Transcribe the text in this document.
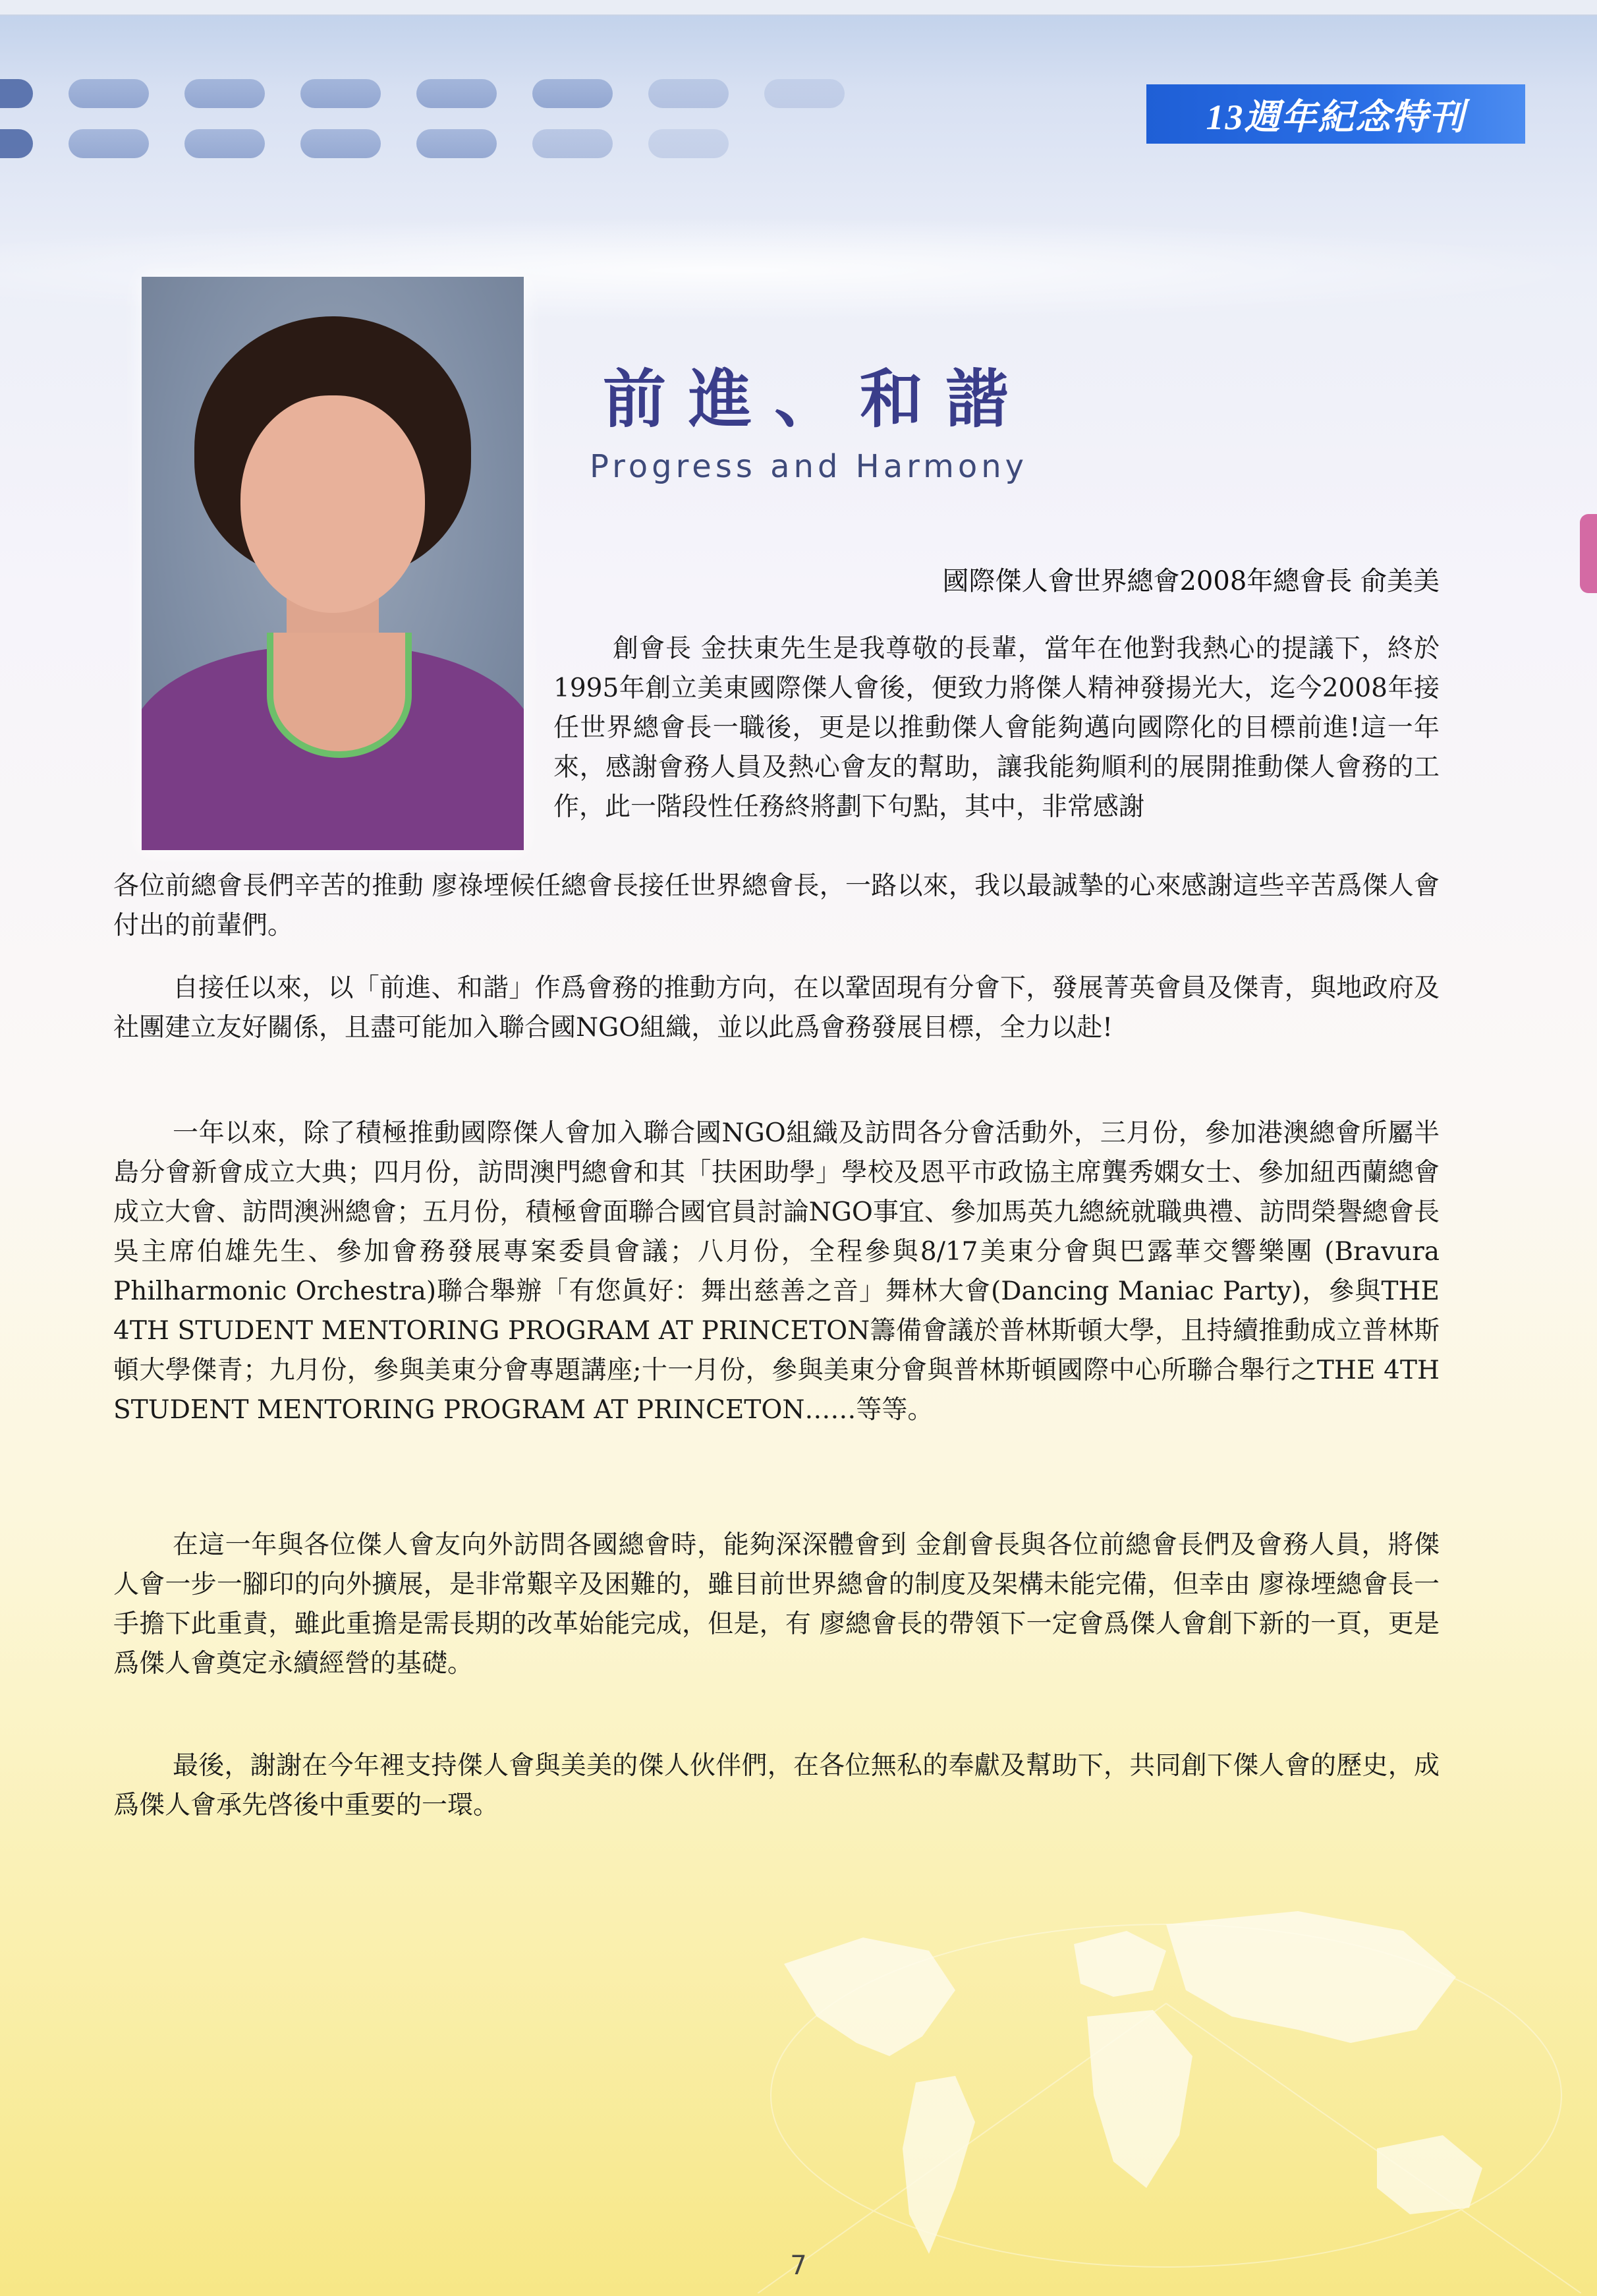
13週年紀念特刊
前進、和諧
Progress and Harmony
國際傑人會世界總會2008年總會長 俞美美

創會長 金扶東先生是我尊敬的長輩，當年在他對我熱心的提議下，終於1995年創立美東國際傑人會後，便致力將傑人精神發揚光大，迄今2008年接任世界總會長一職後，更是以推動傑人會能夠邁向國際化的目標前進!這一年來，感謝會務人員及熱心會友的幫助，讓我能夠順利的展開推動傑人會務的工作，此一階段性任務終將劃下句點，其中，非常感謝

各位前總會長們辛苦的推動 廖祿堙候任總會長接任世界總會長，一路以來，我以最誠摯的心來感謝這些辛苦爲傑人會付出的前輩們。

自接任以來，以「前進、和諧」作爲會務的推動方向，在以鞏固現有分會下，發展菁英會員及傑青，與地政府及社團建立友好關係，且盡可能加入聯合國NGO組織，並以此爲會務發展目標，全力以赴!

一年以來，除了積極推動國際傑人會加入聯合國NGO組織及訪問各分會活動外，三月份，參加港澳總會所屬半島分會新會成立大典；四月份，訪問澳門總會和其「扶困助學」學校及恩平市政協主席龔秀嫻女士、參加紐西蘭總會成立大會、訪問澳洲總會；五月份，積極會面聯合國官員討論NGO事宜、參加馬英九總統就職典禮、訪問榮譽總會長吳主席伯雄先生、參加會務發展專案委員會議；八月份，全程參與8/17美東分會與巴露華交響樂團 (Bravura Philharmonic Orchestra)聯合舉辦「有您眞好：舞出慈善之音」舞林大會(Dancing Maniac Party)，參與THE 4TH STUDENT MENTORING PROGRAM AT PRINCETON籌備會議於普林斯頓大學，且持續推動成立普林斯頓大學傑青；九月份，參與美東分會專題講座;十一月份，參與美東分會與普林斯頓國際中心所聯合舉行之THE 4TH STUDENT MENTORING PROGRAM AT PRINCETON……等等。

在這一年與各位傑人會友向外訪問各國總會時，能夠深深體會到 金創會長與各位前總會長們及會務人員，將傑人會一步一腳印的向外擴展，是非常艱辛及困難的，雖目前世界總會的制度及架構未能完備，但幸由 廖祿堙總會長一手擔下此重責，雖此重擔是需長期的改革始能完成，但是，有 廖總會長的帶領下一定會爲傑人會創下新的一頁，更是爲傑人會奠定永續經營的基礎。

最後，謝謝在今年裡支持傑人會與美美的傑人伙伴們，在各位無私的奉獻及幫助下，共同創下傑人會的歷史，成爲傑人會承先啓後中重要的一環。

7
